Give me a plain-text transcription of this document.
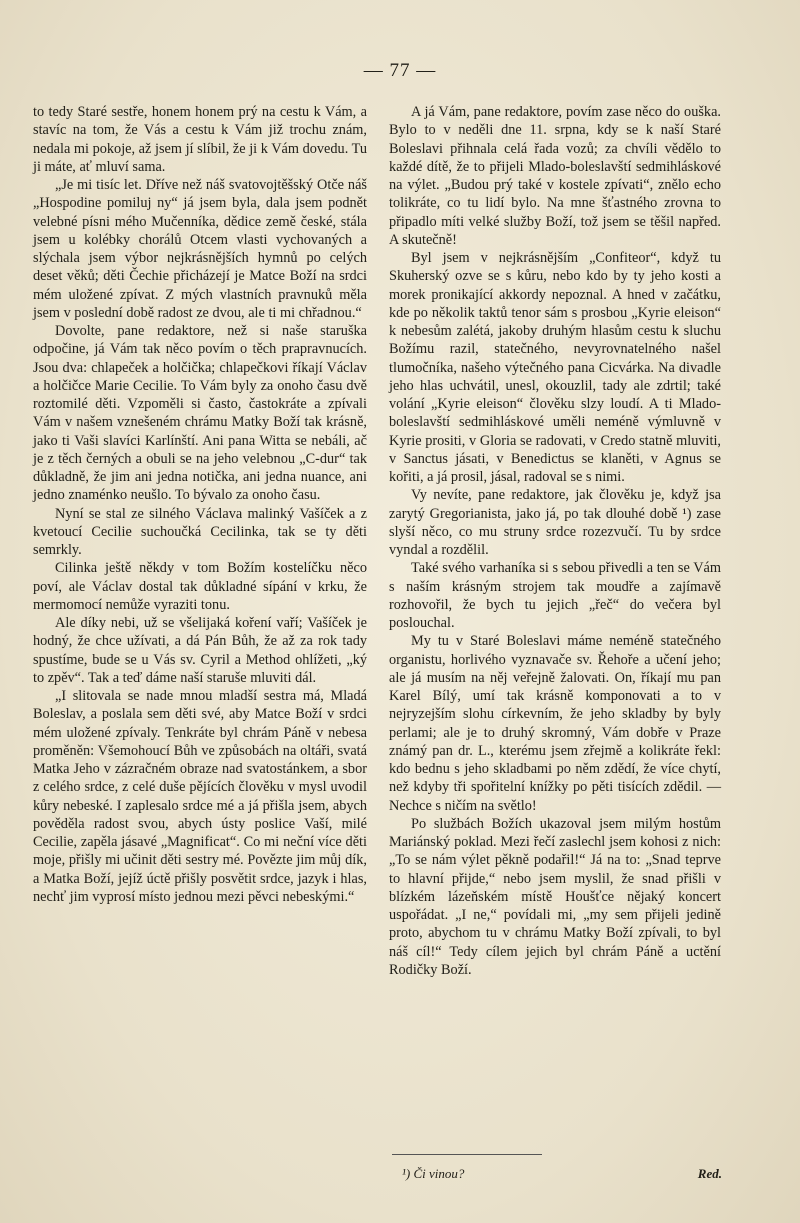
— 77 —

to tedy Staré sestře, honem honem prý na cestu k Vám, a stavíc na tom, že Vás a cestu k Vám již trochu znám, nedala mi pokoje, až jsem jí slíbil, že ji k Vám dovedu. Tu ji máte, ať mluví sama.

„Je mi tisíc let. Dříve než náš svatovojtěšský Otče náš „Hospodine pomiluj ny“ já jsem byla, dala jsem podnět velebné písni mého Mučenníka, dědice země české, stála jsem u kolébky chorálů Otcem vlasti vychovaných a slýchala jsem výbor nejkrásnějších hymnů po celých deset věků; děti Čechie přicházejí je Matce Boží na srdci mém uložené zpívat. Z mých vlastních pravnuků měla jsem v poslední době radost ze dvou, ale ti mi chřadnou.“

Dovolte, pane redaktore, než si naše staruška odpočine, já Vám tak něco povím o těch prapravnucích. Jsou dva: chlapeček a holčička; chlapečkovi říkají Václav a holčičce Marie Cecilie. To Vám byly za onoho času dvě roztomilé děti. Vzpoměli si často, častokráte a zpívali Vám v našem vznešeném chrámu Matky Boží tak krásně, jako ti Vaši slavíci Karlínští. Ani pana Witta se nebáli, ač je z těch černých a obuli se na jeho velebnou „C-dur“ tak důkladně, že jim ani jedna notička, ani jedna nuance, ani jedno znaménko neušlo. To bývalo za onoho času.

Nyní se stal ze silného Václava malinký Vašíček a z kvetoucí Cecilie suchoučká Cecilinka, tak se ty děti semrkly.

Cilinka ještě někdy v tom Božím kostelíčku něco poví, ale Václav dostal tak důkladné sípání v krku, že mermomocí nemůže vyraziti tonu.

Ale díky nebi, už se všelijaká koření vaří; Vašíček je hodný, že chce užívati, a dá Pán Bůh, že až za rok tady spustíme, bude se u Vás sv. Cyril a Method ohlížeti, „ký to zpěv“. Tak a teď dáme naší staruše mluviti dál.

„I slitovala se nade mnou mladší sestra má, Mladá Boleslav, a poslala sem děti své, aby Matce Boží v srdci mém uložené zpívaly. Tenkráte byl chrám Páně v nebesa proměněn: Všemohoucí Bůh ve způsobách na oltáři, svatá Matka Jeho v zázračném obraze nad svatostánkem, a sbor z celého srdce, z celé duše pějících člověku v mysl uvodil kůry nebeské. I zaplesalo srdce mé a já přišla jsem, abych pověděla radost svou, abych ústy poslice Vaší, milé Cecilie, zapěla jásavé „Magnificat“. Co mi neční více děti moje, přišly mi učinit děti sestry mé. Povězte jim můj dík, a Matka Boží, jejíž úctě přišly posvětit srdce, jazyk i hlas, nechť jim vyprosí místo jednou mezi pěvci nebeskými.“

A já Vám, pane redaktore, povím zase něco do ouška. Bylo to v neděli dne 11. srpna, kdy se k naší Staré Boleslavi přihnala celá řada vozů; za chvíli vědělo to každé dítě, že to přijeli Mlado-boleslavští sedmihláskové na výlet. „Budou prý také v kostele zpívati“, znělo echo tolikráte, co tu lidí bylo. Na mne šťastného zrovna to připadlo míti velké služby Boží, tož jsem se těšil napřed. A skutečně!

Byl jsem v nejkrásnějším „Confiteor“, když tu Skuherský ozve se s kůru, nebo kdo by ty jeho kosti a morek pronikající akkordy nepoznal. A hned v začátku, kde po několik taktů tenor sám s prosbou „Kyrie eleison“ k nebesům zalétá, jakoby druhým hlasům cestu k sluchu Božímu razil, statečného, nevyrovnatelného našel tlumočníka, našeho výtečného pana Cicvárka. Na divadle jeho hlas uchvátil, unesl, okouzlil, tady ale zdrtil; také volání „Kyrie eleison“ člověku slzy loudí. A ti Mlado-boleslavští sedmihláskové uměli neméně výmluvně v Kyrie prositi, v Gloria se radovati, v Credo statně mluviti, v Sanctus jásati, v Benedictus se klaněti, v Agnus se kořiti, a já prosil, jásal, radoval se s nimi.

Vy nevíte, pane redaktore, jak člověku je, když jsa zarytý Gregorianista, jako já, po tak dlouhé době ¹) zase slyší něco, co mu struny srdce rozezvučí. Tu by srdce vyndal a rozdělil.

Také svého varhaníka si s sebou přivedli a ten se Vám s naším krásným strojem tak moudře a zajímavě rozhovořil, že bych tu jejich „řeč“ do večera byl poslouchal.

My tu v Staré Boleslavi máme neméně statečného organistu, horlivého vyznavače sv. Řehoře a učení jeho; ale já musím na něj veřejně žalovati. On, říkají mu pan Karel Bílý, umí tak krásně komponovati a to v nejryzejším slohu církevním, že jeho skladby by byly perlami; ale je to druhý skromný, Vám dobře v Praze známý pan dr. L., kterému jsem zřejmě a kolikráte řekl: kdo bednu s jeho skladbami po něm zdědí, že více chytí, než kdyby tři spořitelní knížky po pěti tisících zdědil. — Nechce s ničím na světlo!

Po službách Božích ukazoval jsem milým hostům Mariánský poklad. Mezi řečí zaslechl jsem kohosi z nich: „To se nám výlet pěkně podařil!“ Já na to: „Snad teprve to hlavní přijde,“ nebo jsem myslil, že snad přišli v blízkém lázeňském místě Houšťce nějaký koncert uspořádat. „I ne,“ povídali mi, „my sem přijeli jedině proto, abychom tu v chrámu Matky Boží zpívali, to byl náš cíl!“ Tedy cílem jejich byl chrám Páně a uctění Rodičky Boží.

¹) Či vinou?	Red.
